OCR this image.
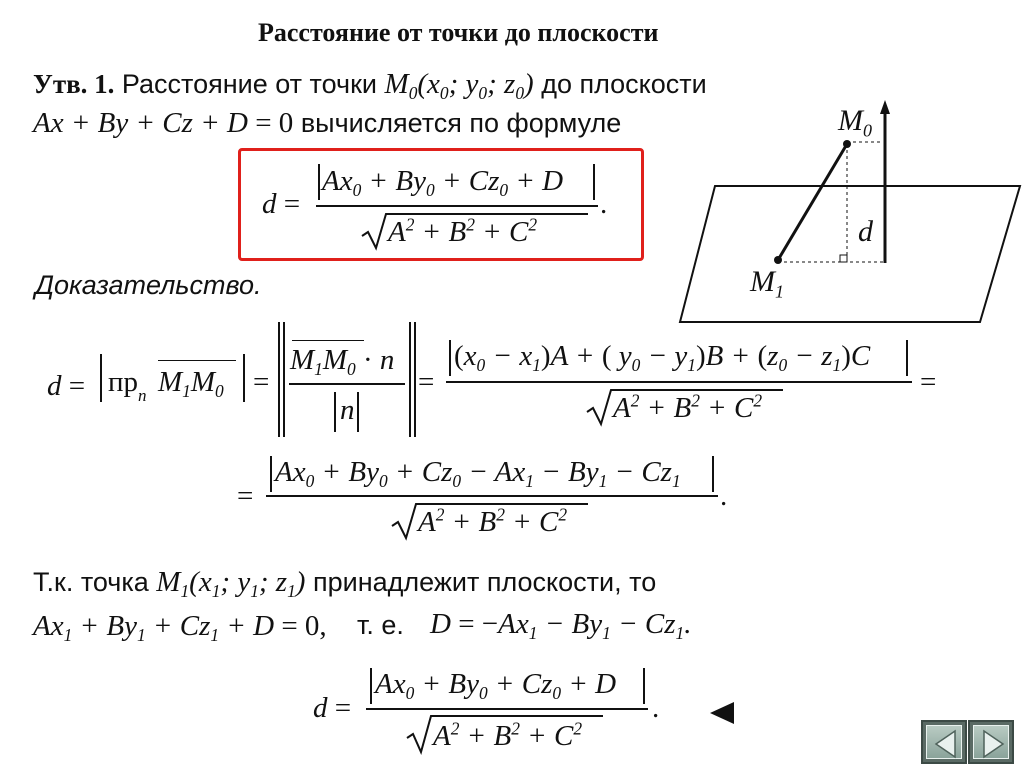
Расстояние от точки до плоскости
Утв. 1. Расстояние от точки $M_0(x_0$; $y_0$; $z_0$) до плоскости
Ax + By + Cz + D = 0 вычисляется по формуле
d =
$Ax_0 + By_0 + Cz_0 + D$
$A^2 + B^2 + C^2$
.
$M_0$
d
$M_1$
Доказательство.
$d = пр_n$ $M_1M_0$ =
$M_1M_0 \cdot n$
n
=
$(x_0 - x_1)A$ + ( $y_0 - y_1)B + (z_0 - z_1)C$
$A^2 + B^2 + C^2$
=
=
$Ax_0 + By_0 + Cz_0 - Ax_1 - By_1 - Cz_1$
$A^2 + B^2 + C^2$
.
Т.к. точка $M_1(x_1$; $y_1$; $z_1$) принадлежит плоскости, то
$Ax_1 + By_1 + Cz_1 + D = 0$, т. е. $D = -Ax_1 - By_1 - Cz_1$.
d =
$Ax_0 + By_0 + Cz_0 + D$
$A^2 + B^2 + C^2$
.
